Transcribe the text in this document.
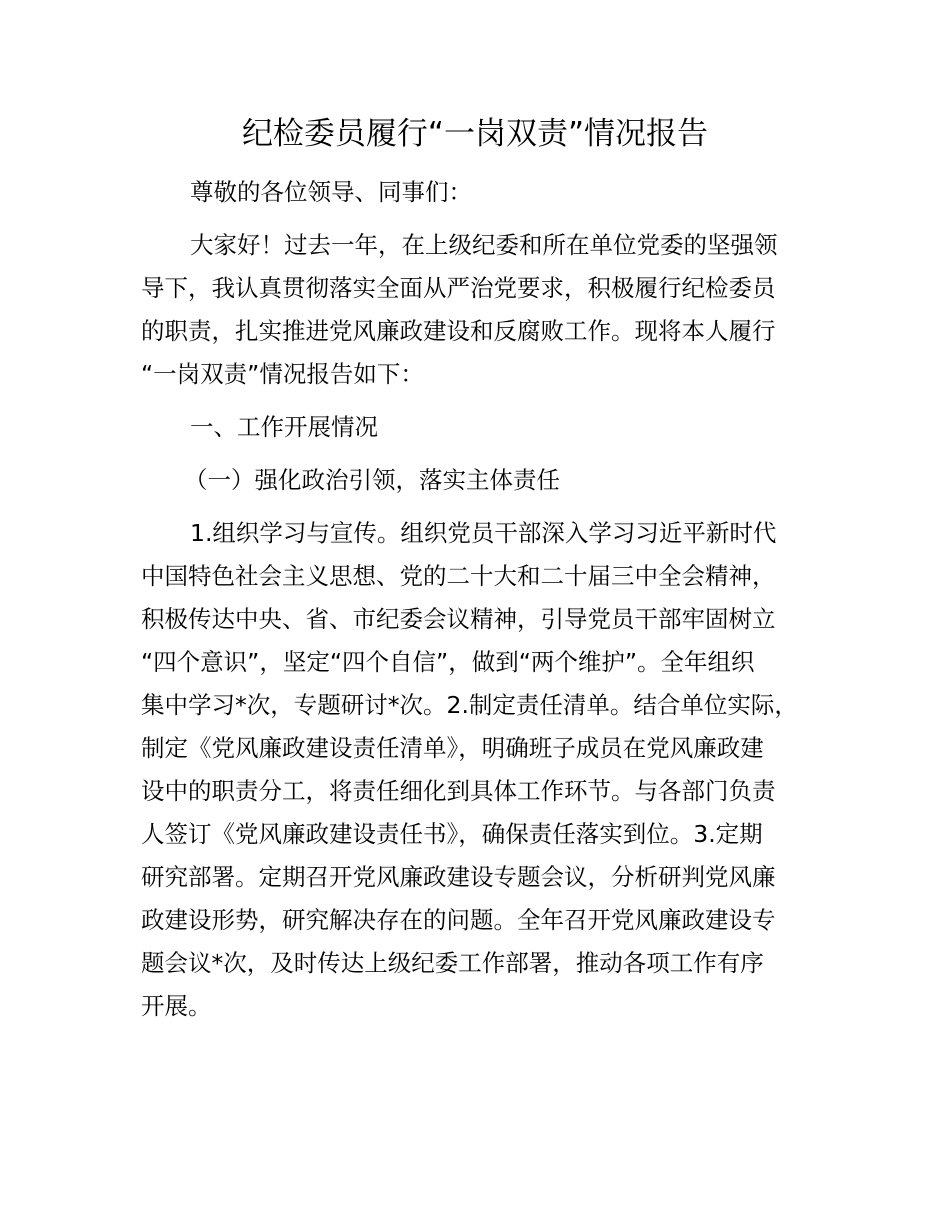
纪检委员履行“一岗双责”情况报告
尊敬的各位领导、同事们：
大家好！过去一年，在上级纪委和所在单位党委的坚强领
导下，我认真贯彻落实全面从严治党要求，积极履行纪检委员
的职责，扎实推进党风廉政建设和反腐败工作。现将本人履行
“一岗双责”情况报告如下：
一、工作开展情况
（一）强化政治引领，落实主体责任
1.组织学习与宣传。组织党员干部深入学习习近平新时代
中国特色社会主义思想、党的二十大和二十届三中全会精神，
积极传达中央、省、市纪委会议精神，引导党员干部牢固树立
“四个意识”，坚定“四个自信”，做到“两个维护”。全年组织
集中学习*次，专题研讨*次。2.制定责任清单。结合单位实际，
制定《党风廉政建设责任清单》，明确班子成员在党风廉政建
设中的职责分工，将责任细化到具体工作环节。与各部门负责
人签订《党风廉政建设责任书》，确保责任落实到位。3.定期
研究部署。定期召开党风廉政建设专题会议，分析研判党风廉
政建设形势，研究解决存在的问题。全年召开党风廉政建设专
题会议*次，及时传达上级纪委工作部署，推动各项工作有序
开展。
